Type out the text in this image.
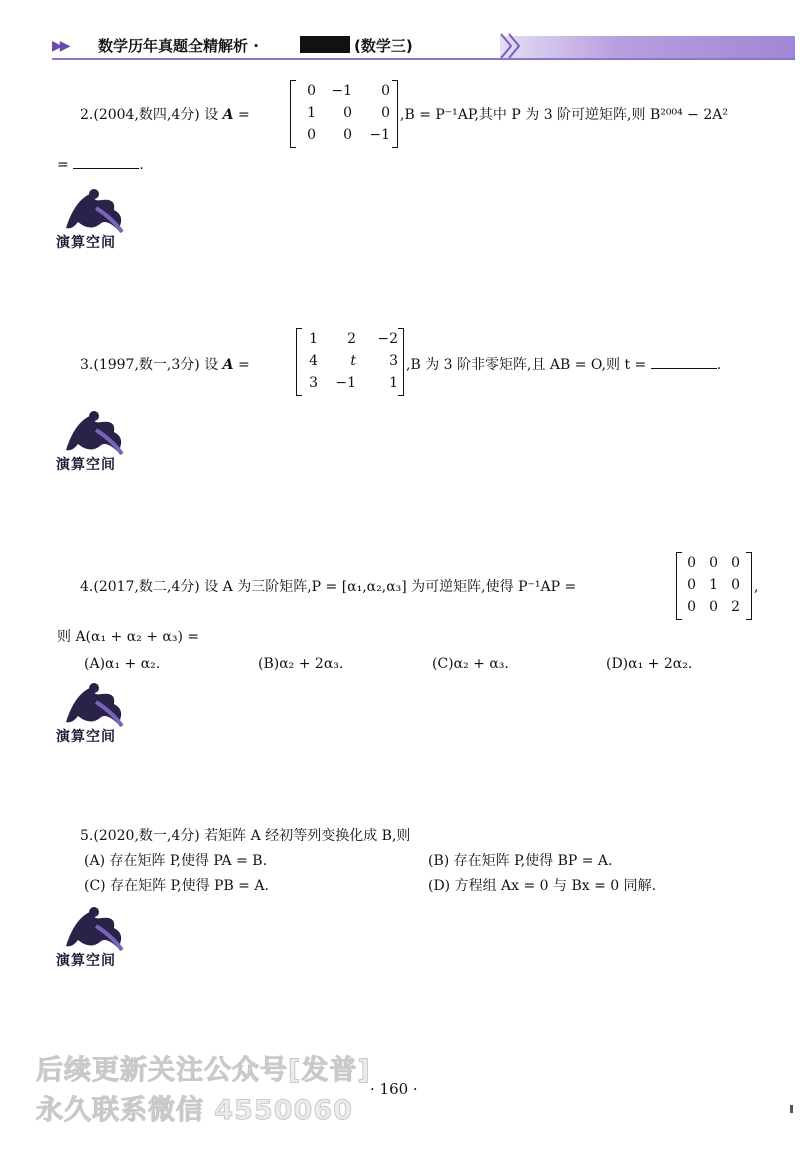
▶▶ 数学历年真题全精解析 ·	(数学三)
2.(2004,数四,4分) 设 A =
0	−1	0
1	0	0
0	0	−1
,B = P⁻¹AP,其中 P 为 3 阶可逆矩阵,则 B²⁰⁰⁴ − 2A²
=	.
演算空间
3.(1997,数一,3分) 设 A =
1	2	−2
4	t	3
3	−1	1
,B 为 3 阶非零矩阵,且 AB = O,则 t =	.
演算空间
4.(2017,数二,4分) 设 A 为三阶矩阵,P = [α₁,α₂,α₃] 为可逆矩阵,使得 P⁻¹AP =
0 0 0
0 1 0
0 0 2
,
则 A(α₁ + α₂ + α₃) =
(A)α₁ + α₂.	(B)α₂ + 2α₃.	(C)α₂ + α₃.	(D)α₁ + 2α₂.
演算空间
5.(2020,数一,4分) 若矩阵 A 经初等列变换化成 B,则
(A) 存在矩阵 P,使得 PA = B.	(B) 存在矩阵 P,使得 BP = A.
(C) 存在矩阵 P,使得 PB = A.	(D) 方程组 Ax = 0 与 Bx = 0 同解.
演算空间
后续更新关注公众号[发普]
永久联系微信 4550060
· 160 ·
